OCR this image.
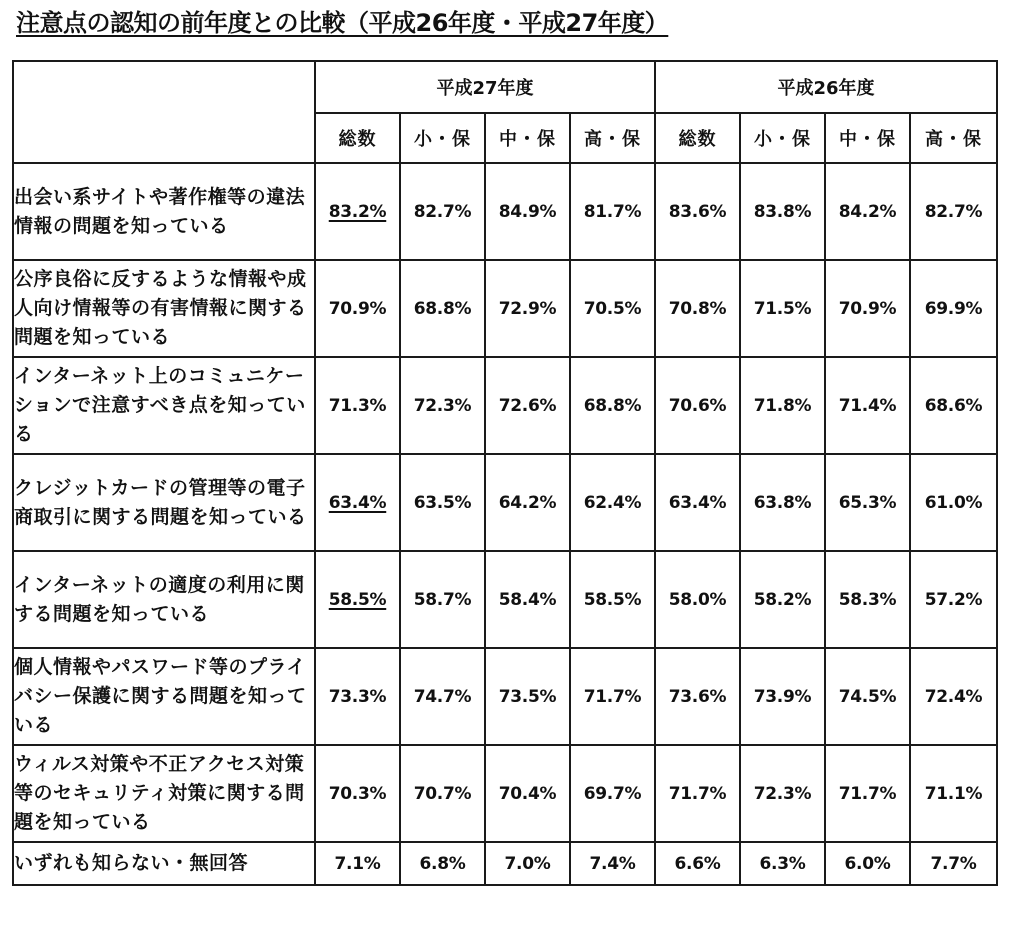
注意点の認知の前年度との比較（平成26年度・平成27年度）
	平成27年度				平成26年度			
	総数	小・保	中・保	高・保	総数	小・保	中・保	高・保
出会い系サイトや著作権等の違法情報の問題を知っている	83.2%	82.7%	84.9%	81.7%	83.6%	83.8%	84.2%	82.7%
公序良俗に反するような情報や成人向け情報等の有害情報に関する問題を知っている	70.9%	68.8%	72.9%	70.5%	70.8%	71.5%	70.9%	69.9%
インターネット上のコミュニケーションで注意すべき点を知っている	71.3%	72.3%	72.6%	68.8%	70.6%	71.8%	71.4%	68.6%
クレジットカードの管理等の電子商取引に関する問題を知っている	63.4%	63.5%	64.2%	62.4%	63.4%	63.8%	65.3%	61.0%
インターネットの適度の利用に関する問題を知っている	58.5%	58.7%	58.4%	58.5%	58.0%	58.2%	58.3%	57.2%
個人情報やパスワード等のプライバシー保護に関する問題を知っている	73.3%	74.7%	73.5%	71.7%	73.6%	73.9%	74.5%	72.4%
ウィルス対策や不正アクセス対策等のセキュリティ対策に関する問題を知っている	70.3%	70.7%	70.4%	69.7%	71.7%	72.3%	71.7%	71.1%
いずれも知らない・無回答	7.1%	6.8%	7.0%	7.4%	6.6%	6.3%	6.0%	7.7%
